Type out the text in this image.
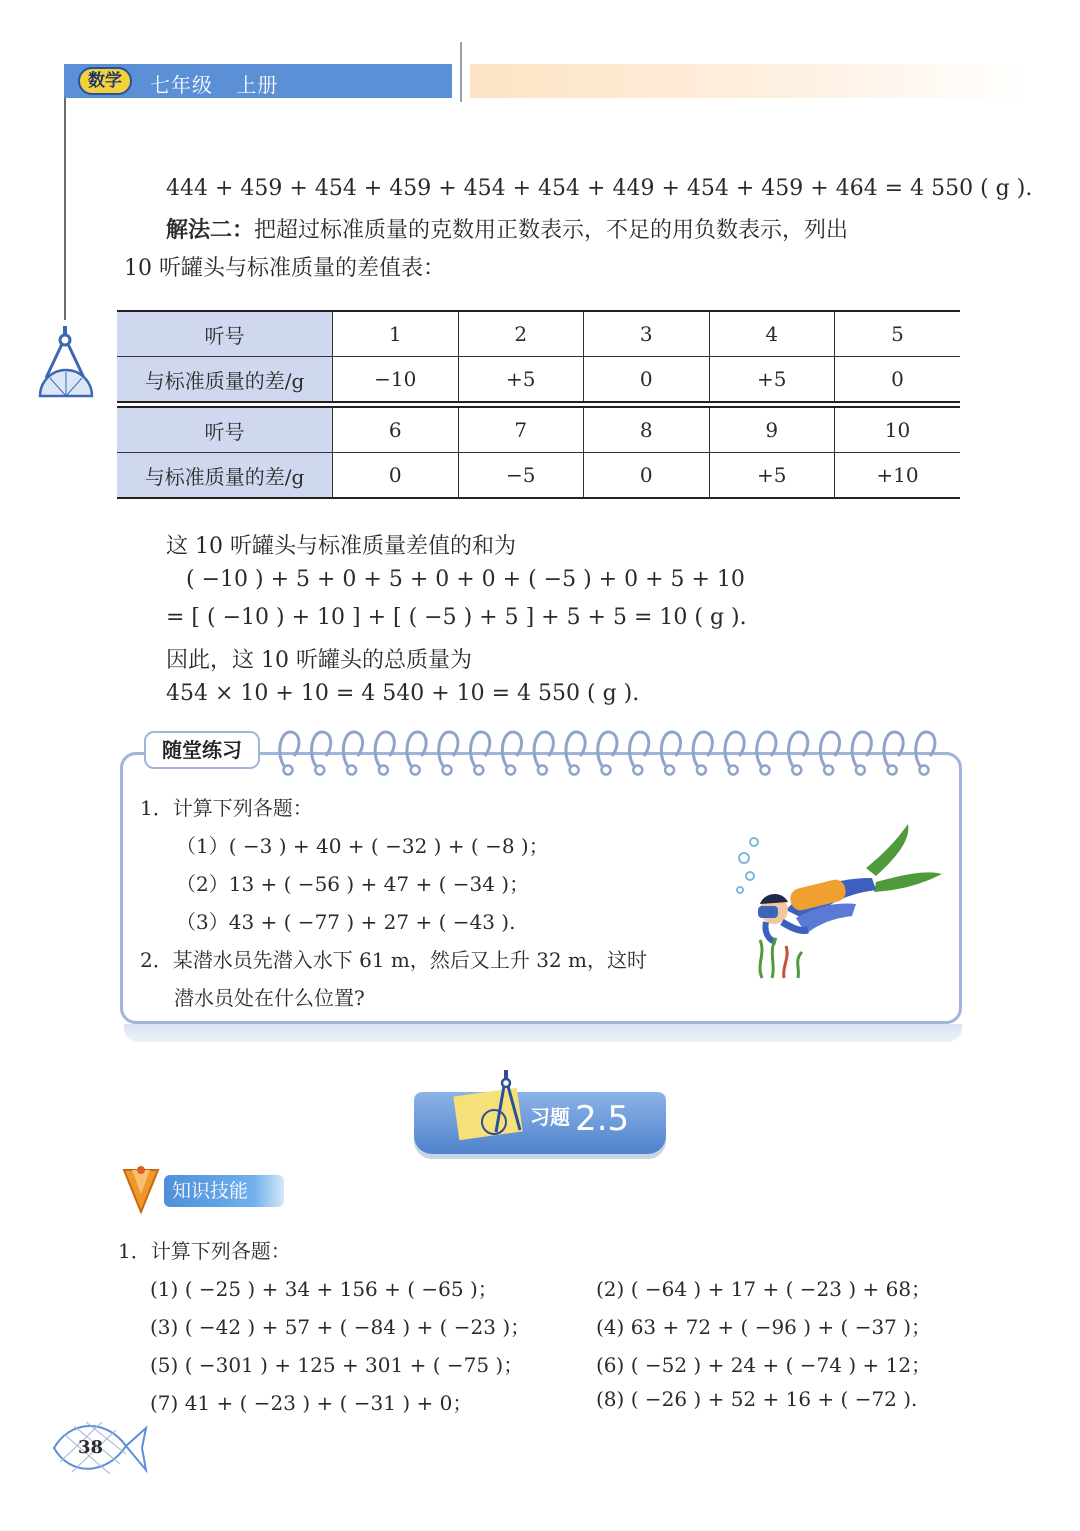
数学	七年级 上册
444 + 459 + 454 + 459 + 454 + 454 + 449 + 454 + 459 + 464 = 4 550 ( g ).
解法二：把超过标准质量的克数用正数表示，不足的用负数表示，列出
10 听罐头与标准质量的差值表：
听号	1	2	3	4	5
与标准质量的差/g	−10	+5	0	+5	0
听号	6	7	8	9	10
与标准质量的差/g	0	−5	0	+5	+10
这 10 听罐头与标准质量差值的和为
( −10 ) + 5 + 0 + 5 + 0 + 0 + ( −5 ) + 0 + 5 + 10
= [ ( −10 ) + 10 ] + [ ( −5 ) + 5 ] + 5 + 5 = 10 ( g ).
因此，这 10 听罐头的总质量为
454 × 10 + 10 = 4 540 + 10 = 4 550 ( g ).
随堂练习
1．计算下列各题：
（1）( −3 ) + 40 + ( −32 ) + ( −8 )；
（2）13 + ( −56 ) + 47 + ( −34 )；
（3）43 + ( −77 ) + 27 + ( −43 ).
2．某潜水员先潜入水下 61 m，然后又上升 32 m，这时
潜水员处在什么位置?
习题 2.5
知识技能
1．计算下列各题：
(1) ( −25 ) + 34 + 156 + ( −65 )；
(3) ( −42 ) + 57 + ( −84 ) + ( −23 )；
(5) ( −301 ) + 125 + 301 + ( −75 )；
(7) 41 + ( −23 ) + ( −31 ) + 0；
(2) ( −64 ) + 17 + ( −23 ) + 68；
(4) 63 + 72 + ( −96 ) + ( −37 )；
(6) ( −52 ) + 24 + ( −74 ) + 12；
(8) ( −26 ) + 52 + 16 + ( −72 ).
38
